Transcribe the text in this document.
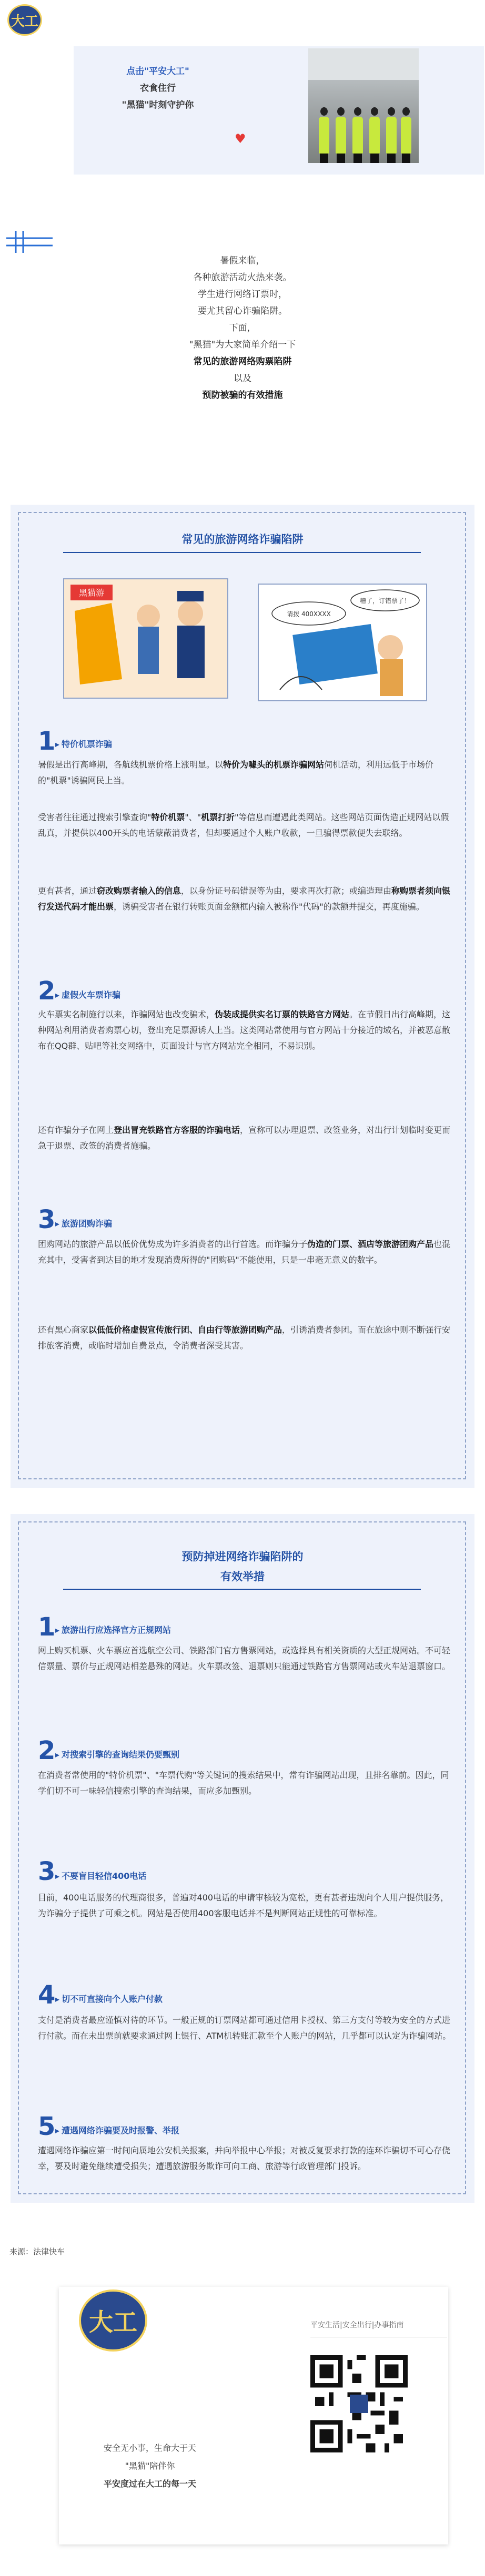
大工
点击"平安大工"
衣食住行
"黑猫"时刻守护你
♥
暑假来临，
各种旅游活动火热来袭。
学生进行网络订票时，
要尤其留心诈骗陷阱。
下面，
"黑猫"为大家简单介绍一下
常见的旅游网络购票陷阱
以及
预防被骗的有效措施
常见的旅游网络诈骗陷阱
黑猫游
请拨 400XXXX
糟了，订错票了！
1 ▸ 特价机票诈骗
暑假是出行高峰期，各航线机票价格上涨明显。以特价为噱头的机票诈骗网站伺机活动，利用远低于市场价的"机票"诱骗网民上当。
受害者往往通过搜索引擎查询"特价机票"、"机票打折"等信息而遭遇此类网站。这些网站页面伪造正规网站以假乱真，并提供以400开头的电话蒙蔽消费者，但却要通过个人账户收款，一旦骗得票款便失去联络。
更有甚者，通过窃改购票者输入的信息，以身份证号码错误等为由，要求再次打款；或编造理由称购票者须向银行发送代码才能出票，诱骗受害者在银行转账页面金额框内输入被称作"代码"的款额并提交，再度施骗。
2 ▸ 虚假火车票诈骗
火车票实名制施行以来，诈骗网站也改变骗术，伪装成提供实名订票的铁路官方网站。在节假日出行高峰期，这种网站利用消费者购票心切，登出充足票源诱人上当。这类网站常使用与官方网站十分接近的域名，并被恶意散布在QQ群、贴吧等社交网络中，页面设计与官方网站完全相同，不易识别。
还有诈骗分子在网上登出冒充铁路官方客服的诈骗电话，宣称可以办理退票、改签业务，对出行计划临时变更而急于退票、改签的消费者施骗。
3 ▸ 旅游团购诈骗
团购网站的旅游产品以低价优势成为许多消费者的出行首选。而诈骗分子伪造的门票、酒店等旅游团购产品也混充其中，受害者到达目的地才发现消费所得的"团购码"不能使用，只是一串毫无意义的数字。
还有黑心商家以低低价格虚假宣传旅行团、自由行等旅游团购产品，引诱消费者参团。而在旅途中则不断强行安排旅客消费，或临时增加自费景点，令消费者深受其害。
预防掉进网络诈骗陷阱的
有效举措
1 ▸ 旅游出行应选择官方正规网站
网上购买机票、火车票应首选航空公司、铁路部门官方售票网站，或选择具有相关资质的大型正规网站。不可轻信票量、票价与正规网站相差悬殊的网站。火车票改签、退票则只能通过铁路官方售票网站或火车站退票窗口。
2 ▸ 对搜索引擎的查询结果仍要甄别
在消费者常使用的"特价机票"、"车票代购"等关键词的搜索结果中，常有诈骗网站出现，且排名靠前。因此，同学们切不可一味轻信搜索引擎的查询结果，而应多加甄别。
3 ▸ 不要盲目轻信400电话
目前，400电话服务的代理商很多，普遍对400电话的申请审核较为宽松，更有甚者违规向个人用户提供服务，为诈骗分子提供了可乘之机。网站是否使用400客服电话并不是判断网站正规性的可靠标准。
4 ▸ 切不可直接向个人账户付款
支付是消费者最应谨慎对待的环节。一般正规的订票网站都可通过信用卡授权、第三方支付等较为安全的方式进行付款。而在未出票前就要求通过网上银行、ATM机转账汇款至个人账户的网站，几乎都可以认定为诈骗网站。
5 ▸ 遭遇网络诈骗要及时报警、举报
遭遇网络诈骗应第一时间向属地公安机关报案，并向举报中心举报；对被反复要求打款的连环诈骗切不可心存侥幸，要及时避免继续遭受损失；遭遇旅游服务欺诈可向工商、旅游等行政管理部门投诉。
来源：法律快车
大工	平安生活|安全出行|办事指南
安全无小事，生命大于天
"黑猫"陪伴你
平安度过在大工的每一天
